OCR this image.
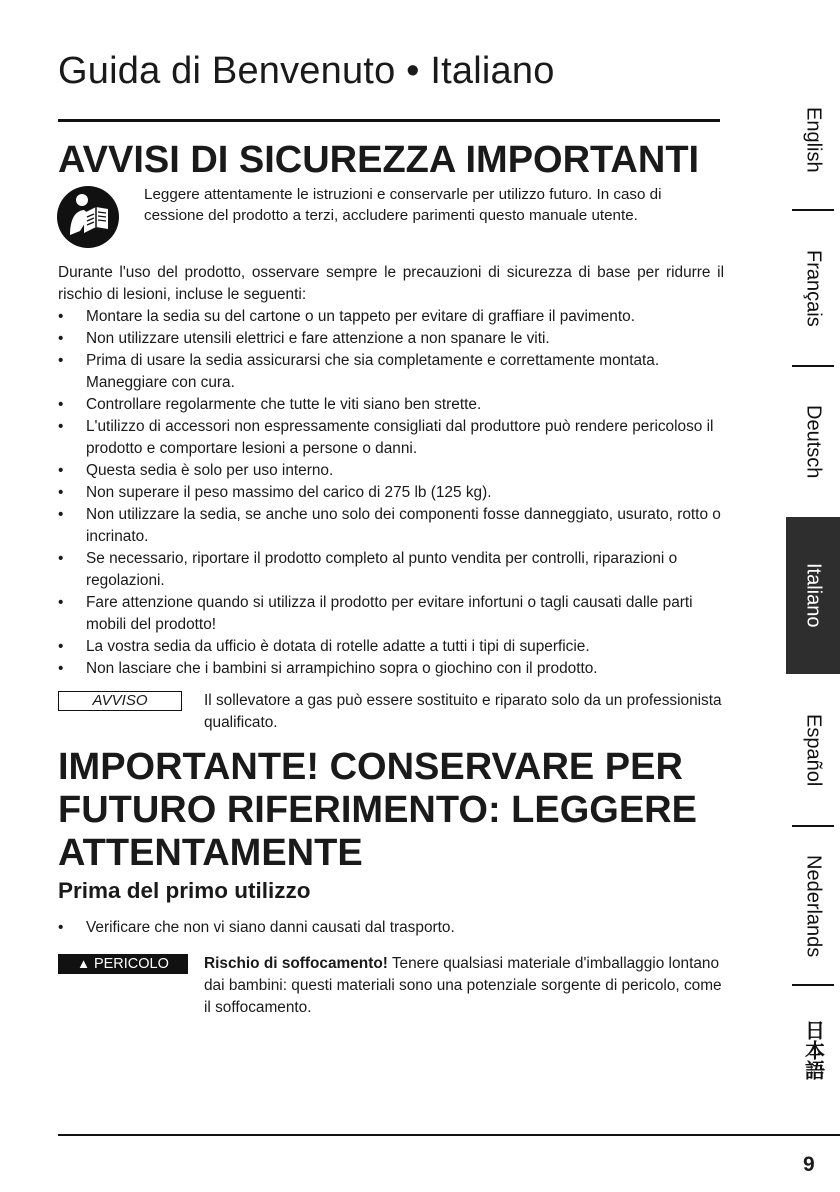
Guida di Benvenuto • Italiano
AVVISI DI SICUREZZA IMPORTANTI
Leggere attentamente le istruzioni e conservarle per utilizzo futuro. In caso di cessione del prodotto a terzi, accludere parimenti questo manuale utente.
Durante l'uso del prodotto, osservare sempre le precauzioni di sicurezza di base per ridurre il rischio di lesioni, incluse le seguenti:
• Montare la sedia su del cartone o un tappeto per evitare di graffiare il pavimento.
• Non utilizzare utensili elettrici e fare attenzione a non spanare le viti.
• Prima di usare la sedia assicurarsi che sia completamente e correttamente montata. Maneggiare con cura.
• Controllare regolarmente che tutte le viti siano ben strette.
• L'utilizzo di accessori non espressamente consigliati dal produttore può rendere pericoloso il prodotto e comportare lesioni a persone o danni.
• Questa sedia è solo per uso interno.
• Non superare il peso massimo del carico di 275 lb (125 kg).
• Non utilizzare la sedia, se anche uno solo dei componenti fosse danneggiato, usurato, rotto o incrinato.
• Se necessario, riportare il prodotto completo al punto vendita per controlli, riparazioni o regolazioni.
• Fare attenzione quando si utilizza il prodotto per evitare infortuni o tagli causati dalle parti mobili del prodotto!
• La vostra sedia da ufficio è dotata di rotelle adatte a tutti i tipi di superficie.
• Non lasciare che i bambini si arrampichino sopra o giochino con il prodotto.
AVVISO	Il sollevatore a gas può essere sostituito e riparato solo da un professionista qualificato.
IMPORTANTE! CONSERVARE PER FUTURO RIFERIMENTO: LEGGERE ATTENTAMENTE
Prima del primo utilizzo
• Verificare che non vi siano danni causati dal trasporto.
▲ PERICOLO	Rischio di soffocamento! Tenere qualsiasi materiale d'imballaggio lontano dai bambini: questi materiali sono una potenziale sorgente di pericolo, come il soffocamento.
9
English
Français
Deutsch
Italiano
Español
Nederlands
日本語
